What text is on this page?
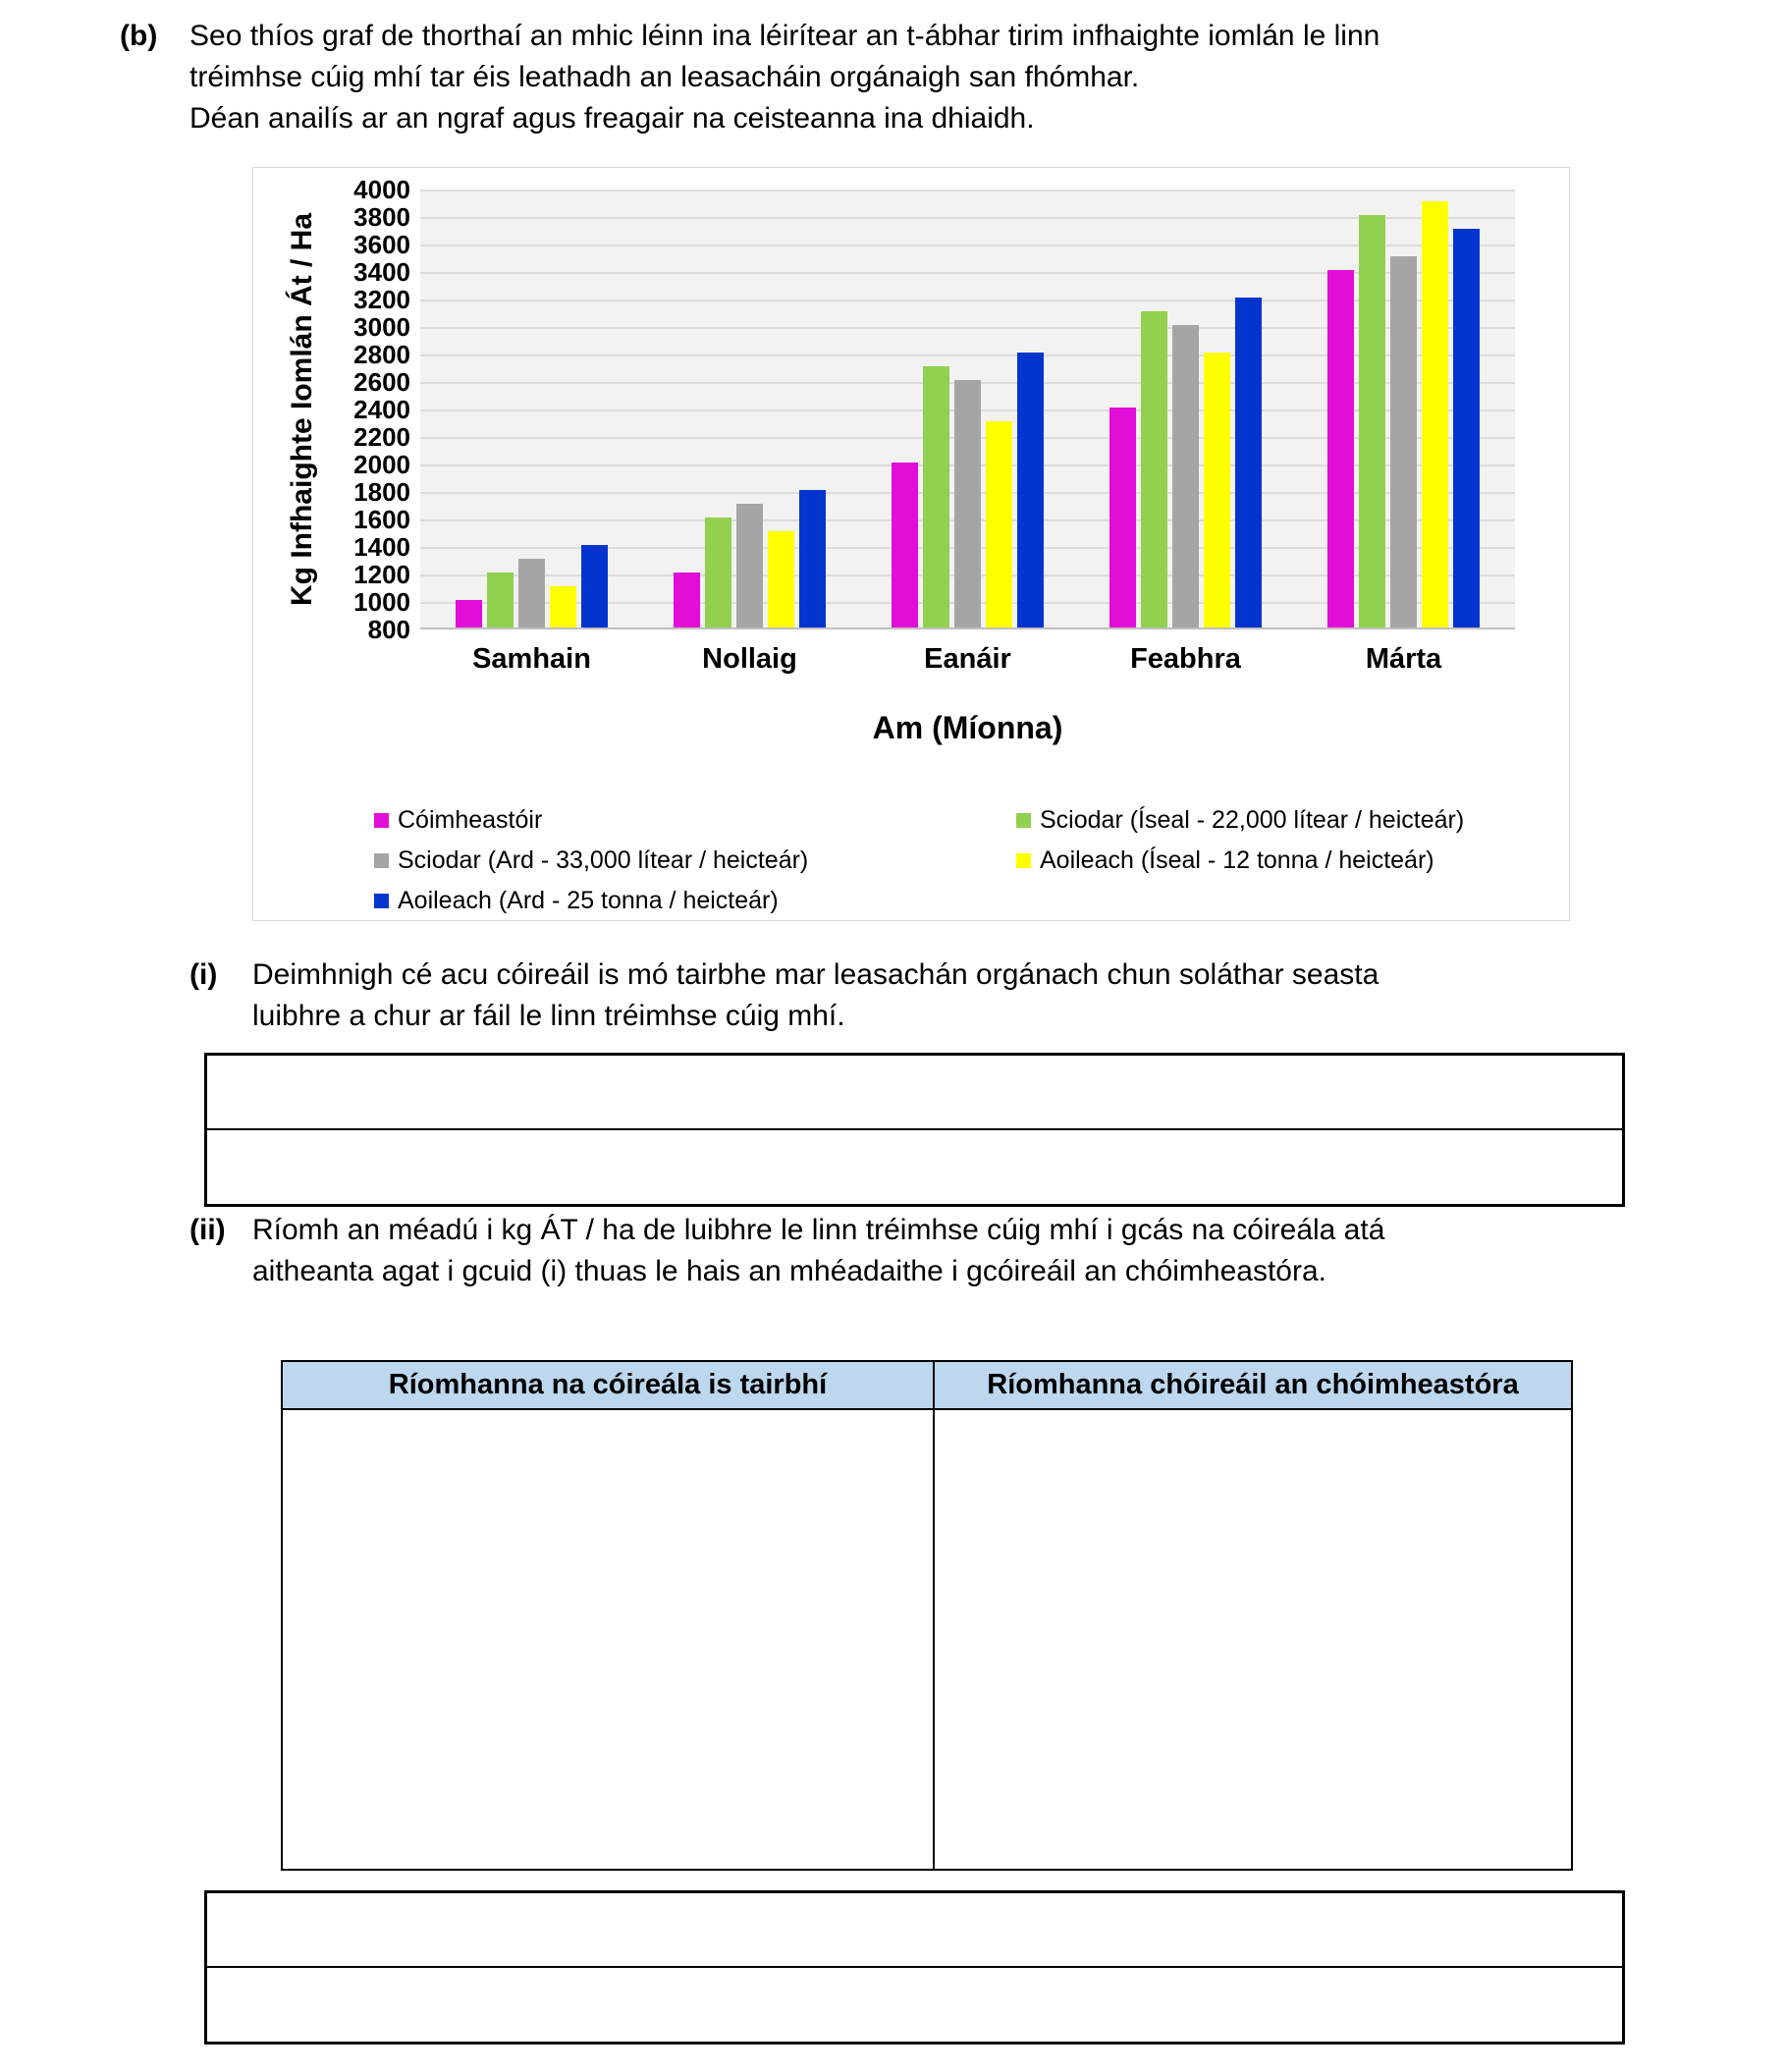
(b) Seo thíos graf de thorthaí an mhic léinn ina léirítear an t-ábhar tirim infhaighte iomlán le linn
tréimhse cúig mhí tar éis leathadh an leasacháin orgánaigh san fhómhar.
Déan anailís ar an ngraf agus freagair na ceisteanna ina dhiaidh.
Kg Infhaighte Iomlán Át / Ha
4000
3800
3600
3400
3200
3000
2800
2600
2400
2200
2000
1800
1600
1400
1200
1000
800
Samhain	Nollaig	Eanáir	Feabhra	Márta
Am (Míonna)
Cóimheastóir	Sciodar (Íseal - 22,000 lítear / heicteár)
Sciodar (Ard - 33,000 lítear / heicteár)	Aoileach (Íseal - 12 tonna / heicteár)
Aoileach (Ard - 25 tonna / heicteár)
(i) Deimhnigh cé acu cóireáil is mó tairbhe mar leasachán orgánach chun soláthar seasta
luibhre a chur ar fáil le linn tréimhse cúig mhí.
(ii) Ríomh an méadú i kg ÁT / ha de luibhre le linn tréimhse cúig mhí i gcás na cóireála atá
aitheanta agat i gcuid (i) thuas le hais an mhéadaithe i gcóireáil an chóimheastóra.
Ríomhanna na cóireála is tairbhí	Ríomhanna chóireáil an chóimheastóra
